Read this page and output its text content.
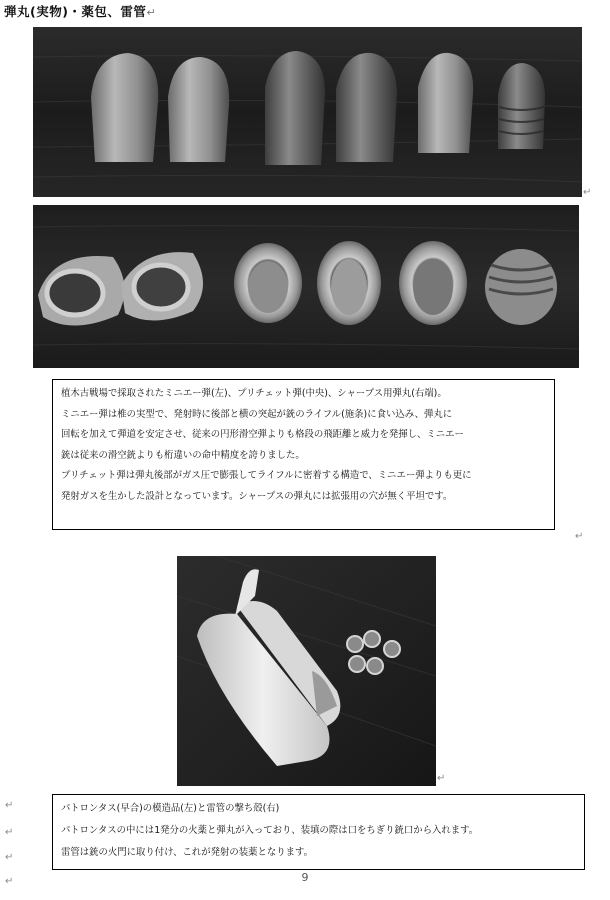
弾丸(実物)・薬包、雷管↵
↵

植木古戦場で採取されたミニエー弾(左)、プリチェット弾(中央)、シャープス用弾丸(右端)。

ミニエー弾は椎の実型で、発射時に後部と横の突起が銃のライフル(施条)に食い込み、弾丸に

回転を加えて弾道を安定させ、従来の円形滑空弾よりも格段の飛距離と威力を発揮し、ミニエー

銃は従来の滑空銃よりも桁違いの命中精度を誇りました。

プリチェット弾は弾丸後部がガス圧で膨張してライフルに密着する構造で、ミニエー弾よりも更に

発射ガスを生かした設計となっています。シャープスの弾丸には拡張用の穴が無く平坦です。

↵
↵
↵
↵
↵
↵

パトロンタス(早合)の模造品(左)と雷管の撃ち殻(右)

パトロンタスの中には1発分の火薬と弾丸が入っており、装填の際は口をちぎり銃口から入れます。

雷管は銃の火門に取り付け、これが発射の装薬となります。

9
